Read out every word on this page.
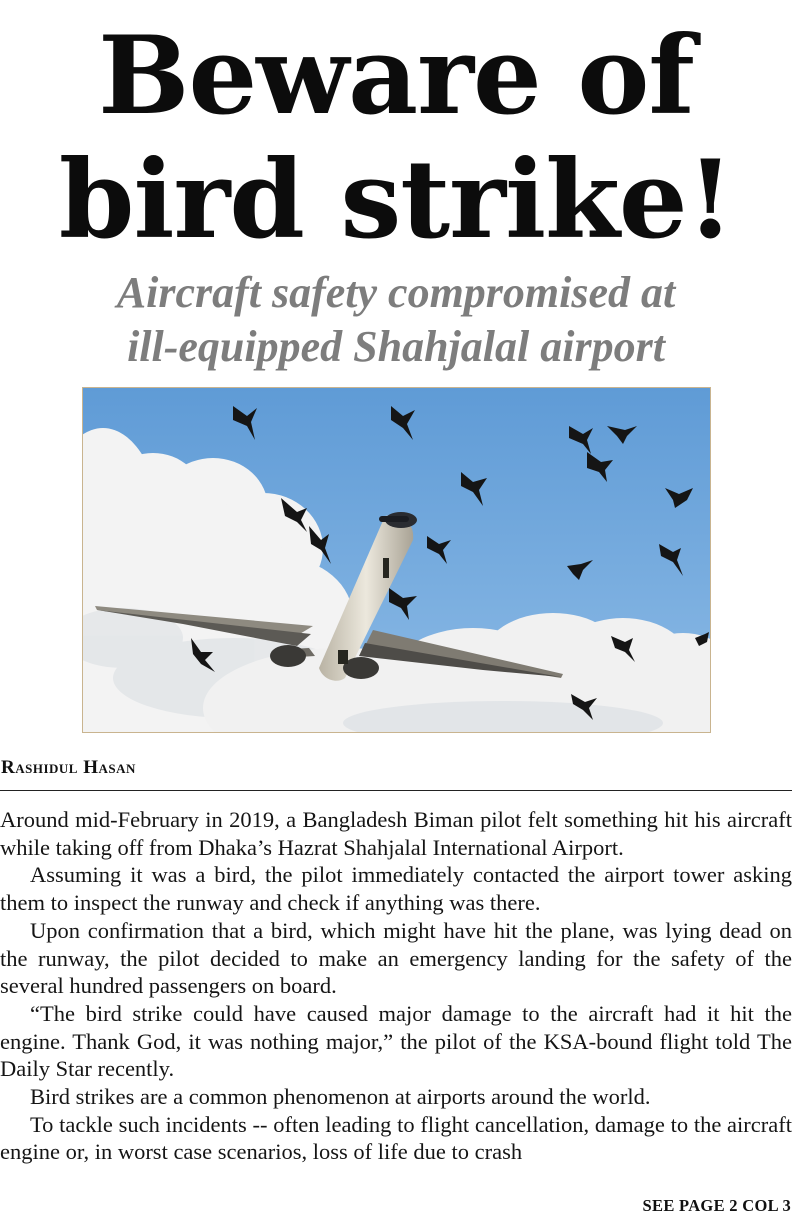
Beware of
bird strike!
Aircraft safety compromised at
ill-equipped Shahjalal airport
Rashidul Hasan

Around mid-February in 2019, a Bangladesh Biman pilot felt something hit his aircraft while taking off from Dhaka’s Hazrat Shahjalal International Airport.

Assuming it was a bird, the pilot immediately contacted the airport tower asking them to inspect the runway and check if anything was there.

Upon confirmation that a bird, which might have hit the plane, was lying dead on the runway, the pilot decided to make an emergency landing for the safety of the several hundred passengers on board.

“The bird strike could have caused major damage to the aircraft had it hit the engine. Thank God, it was nothing major,” the pilot of the KSA-bound flight told The Daily Star recently.

Bird strikes are a common phenomenon at airports around the world.

To tackle such incidents -- often leading to flight cancellation, damage to the aircraft engine or, in worst case scenarios, loss of life due to crash

SEE PAGE 2 COL 3
